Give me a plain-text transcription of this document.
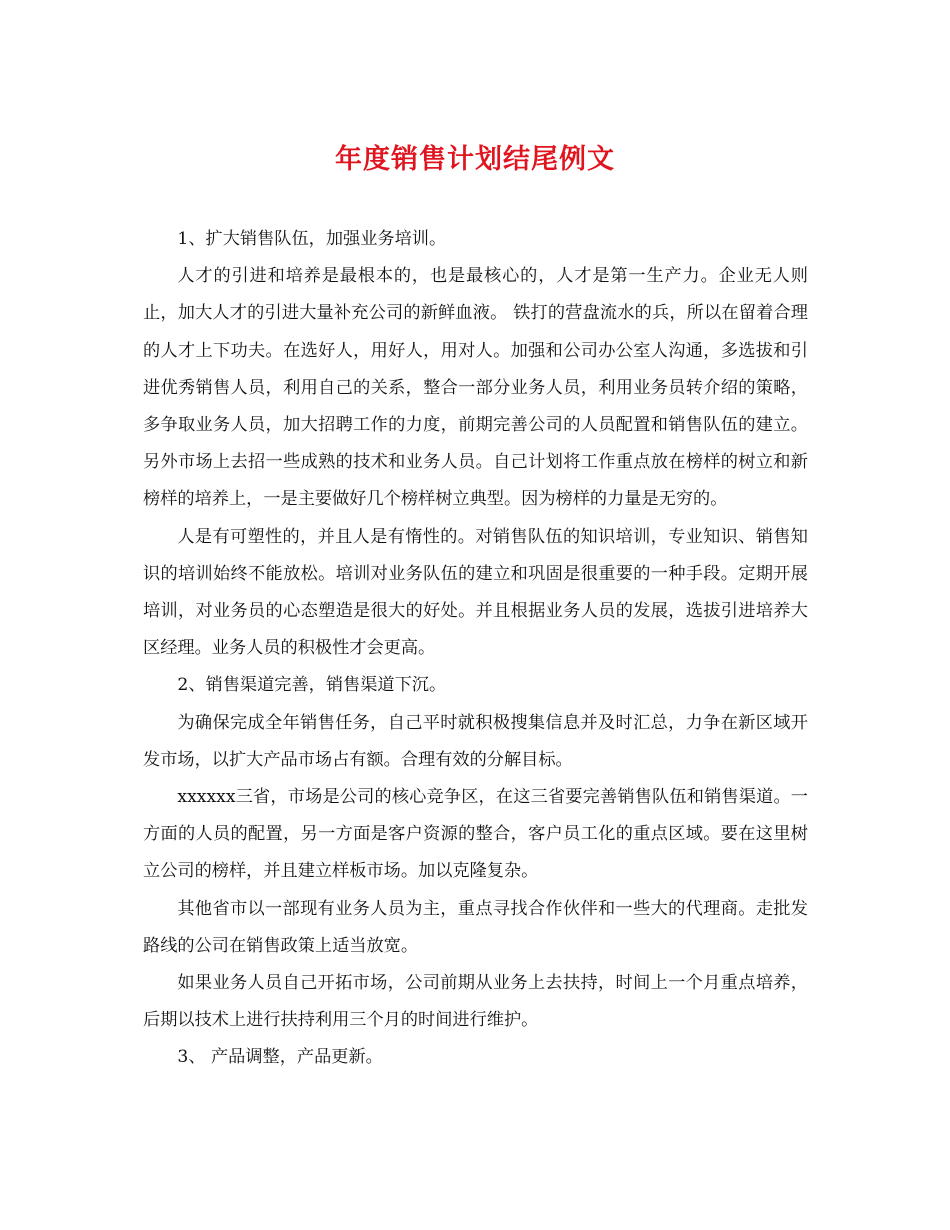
年度销售计划结尾例文

1、扩大销售队伍，加强业务培训。

人才的引进和培养是最根本的，也是最核心的，人才是第一生产力。企业无人则止，加大人才的引进大量补充公司的新鲜血液。 铁打的营盘流水的兵，所以在留着合理的人才上下功夫。在选好人，用好人，用对人。加强和公司办公室人沟通，多选拔和引进优秀销售人员，利用自己的关系，整合一部分业务人员，利用业务员转介绍的策略，多争取业务人员，加大招聘工作的力度，前期完善公司的人员配置和销售队伍的建立。另外市场上去招一些成熟的技术和业务人员。自己计划将工作重点放在榜样的树立和新榜样的培养上，一是主要做好几个榜样树立典型。因为榜样的力量是无穷的。

人是有可塑性的，并且人是有惰性的。对销售队伍的知识培训，专业知识、销售知识的培训始终不能放松。培训对业务队伍的建立和巩固是很重要的一种手段。定期开展培训，对业务员的心态塑造是很大的好处。并且根据业务人员的发展，选拔引进培养大区经理。业务人员的积极性才会更高。

2、销售渠道完善，销售渠道下沉。

为确保完成全年销售任务，自己平时就积极搜集信息并及时汇总，力争在新区域开发市场，以扩大产品市场占有额。合理有效的分解目标。

xxxxxx三省，市场是公司的核心竞争区，在这三省要完善销售队伍和销售渠道。一方面的人员的配置，另一方面是客户资源的整合，客户员工化的重点区域。要在这里树立公司的榜样，并且建立样板市场。加以克隆复杂。

其他省市以一部现有业务人员为主，重点寻找合作伙伴和一些大的代理商。走批发路线的公司在销售政策上适当放宽。

如果业务人员自己开拓市场，公司前期从业务上去扶持，时间上一个月重点培养，后期以技术上进行扶持利用三个月的时间进行维护。

3、 产品调整，产品更新。
